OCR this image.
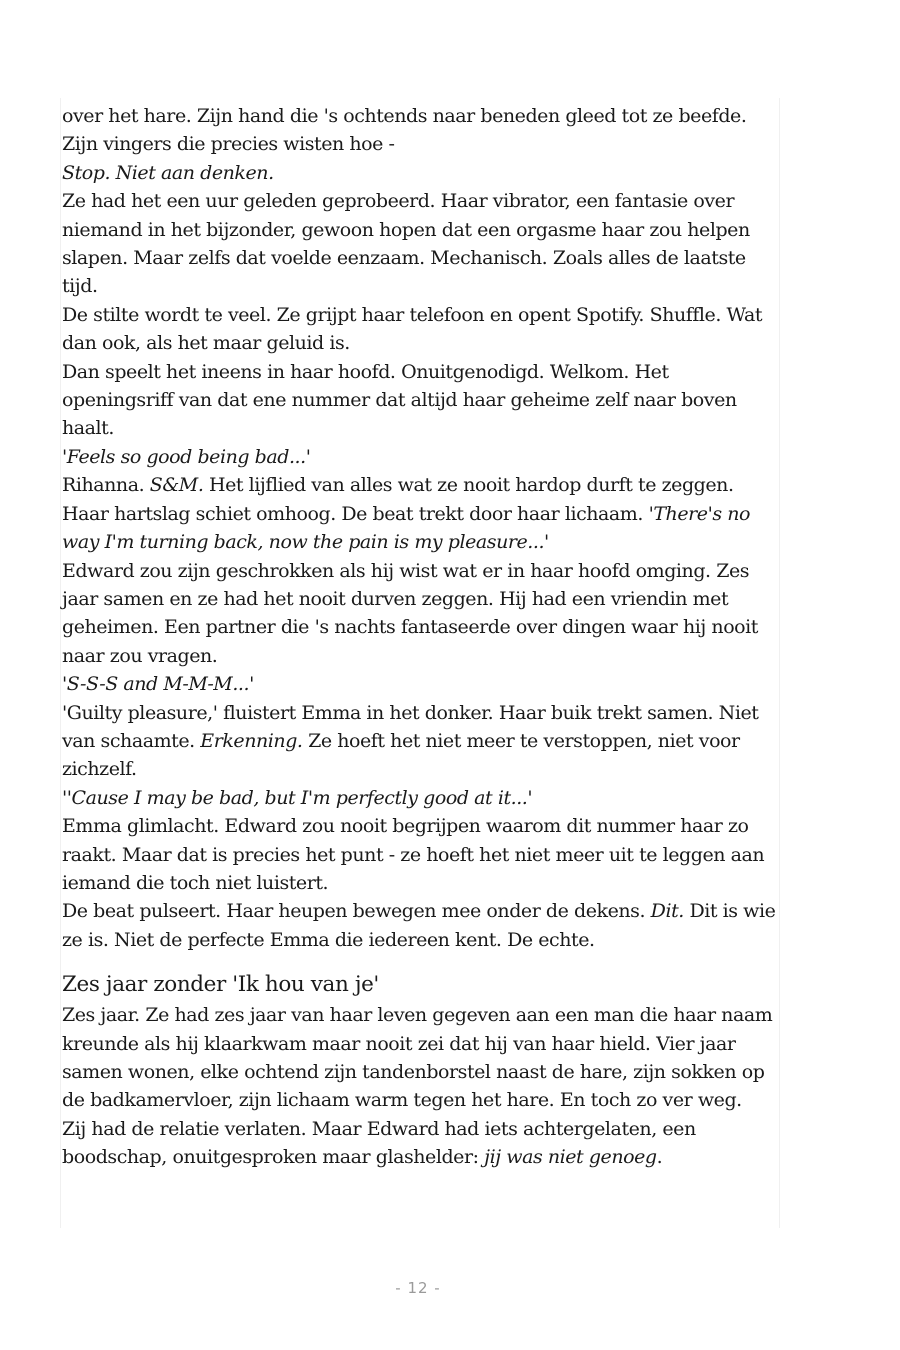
over het hare. Zijn hand die 's ochtends naar beneden gleed tot ze beefde. Zijn vingers die precies wisten hoe -

Stop. Niet aan denken.

Ze had het een uur geleden geprobeerd. Haar vibrator, een fantasie over niemand in het bijzonder, gewoon hopen dat een orgasme haar zou helpen slapen. Maar zelfs dat voelde eenzaam. Mechanisch. Zoals alles de laatste tijd.

De stilte wordt te veel. Ze grijpt haar telefoon en opent Spotify. Shuffle. Wat dan ook, als het maar geluid is.

Dan speelt het ineens in haar hoofd. Onuitgenodigd. Welkom. Het openingsriff van dat ene nummer dat altijd haar geheime zelf naar boven haalt.

'Feels so good being bad...'

Rihanna. S&M. Het lijflied van alles wat ze nooit hardop durft te zeggen. Haar hartslag schiet omhoog. De beat trekt door haar lichaam. 'There's no way I'm turning back, now the pain is my pleasure...'

Edward zou zijn geschrokken als hij wist wat er in haar hoofd omging. Zes jaar samen en ze had het nooit durven zeggen. Hij had een vriendin met geheimen. Een partner die 's nachts fantaseerde over dingen waar hij nooit naar zou vragen.

'S-S-S and M-M-M...'

'Guilty pleasure,' fluistert Emma in het donker. Haar buik trekt samen. Niet van schaamte. Erkenning. Ze hoeft het niet meer te verstoppen, niet voor zichzelf.

''Cause I may be bad, but I'm perfectly good at it...'

Emma glimlacht. Edward zou nooit begrijpen waarom dit nummer haar zo raakt. Maar dat is precies het punt - ze hoeft het niet meer uit te leggen aan iemand die toch niet luistert.

De beat pulseert. Haar heupen bewegen mee onder de dekens. Dit. Dit is wie ze is. Niet de perfecte Emma die iedereen kent. De echte.

Zes jaar zonder 'Ik hou van je'

Zes jaar. Ze had zes jaar van haar leven gegeven aan een man die haar naam kreunde als hij klaarkwam maar nooit zei dat hij van haar hield. Vier jaar samen wonen, elke ochtend zijn tandenborstel naast de hare, zijn sokken op de badkamervloer, zijn lichaam warm tegen het hare. En toch zo ver weg.

Zij had de relatie verlaten. Maar Edward had iets achtergelaten, een boodschap, onuitgesproken maar glashelder: jij was niet genoeg.

- 12 -
